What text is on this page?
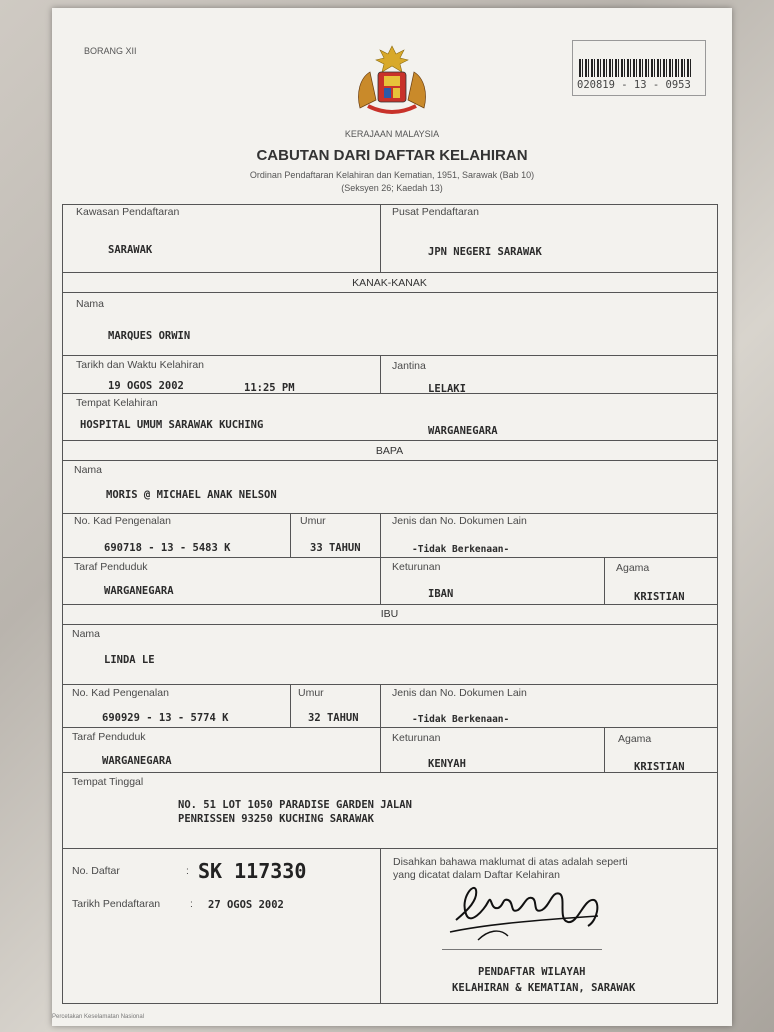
BORANG XII
020819 - 13 - 0953
KERAJAAN MALAYSIA
CABUTAN DARI DAFTAR KELAHIRAN
Ordinan Pendaftaran Kelahiran dan Kematian, 1951, Sarawak (Bab 10)
(Seksyen 26; Kaedah 13)
Kawasan Pendaftaran
SARAWAK
Pusat Pendaftaran
JPN NEGERI SARAWAK
KANAK-KANAK
Nama
MARQUES ORWIN
Tarikh dan Waktu Kelahiran
19 OGOS 2002	11:25 PM
Jantina
LELAKI
Tempat Kelahiran
HOSPITAL UMUM SARAWAK KUCHING	WARGANEGARA
BAPA
Nama
MORIS @ MICHAEL ANAK NELSON
No. Kad Pengenalan
690718 - 13 - 5483 K
Umur
33 TAHUN
Jenis dan No. Dokumen Lain
-Tidak Berkenaan-
Taraf Penduduk
WARGANEGARA
Keturunan
IBAN
Agama
KRISTIAN
IBU
Nama
LINDA LE
No. Kad Pengenalan
690929 - 13 - 5774 K
Umur
32 TAHUN
Jenis dan No. Dokumen Lain
-Tidak Berkenaan-
Taraf Penduduk
WARGANEGARA
Keturunan
KENYAH
Agama
KRISTIAN
Tempat Tinggal
NO. 51 LOT 1050 PARADISE GARDEN JALAN
PENRISSEN 93250 KUCHING SARAWAK
No. Daftar	: SK 117330
Tarikh Pendaftaran	: 27 OGOS 2002
Disahkan bahawa maklumat di atas adalah seperti
yang dicatat dalam Daftar Kelahiran
PENDAFTAR WILAYAH
KELAHIRAN & KEMATIAN, SARAWAK
Percetakan Keselamatan Nasional
